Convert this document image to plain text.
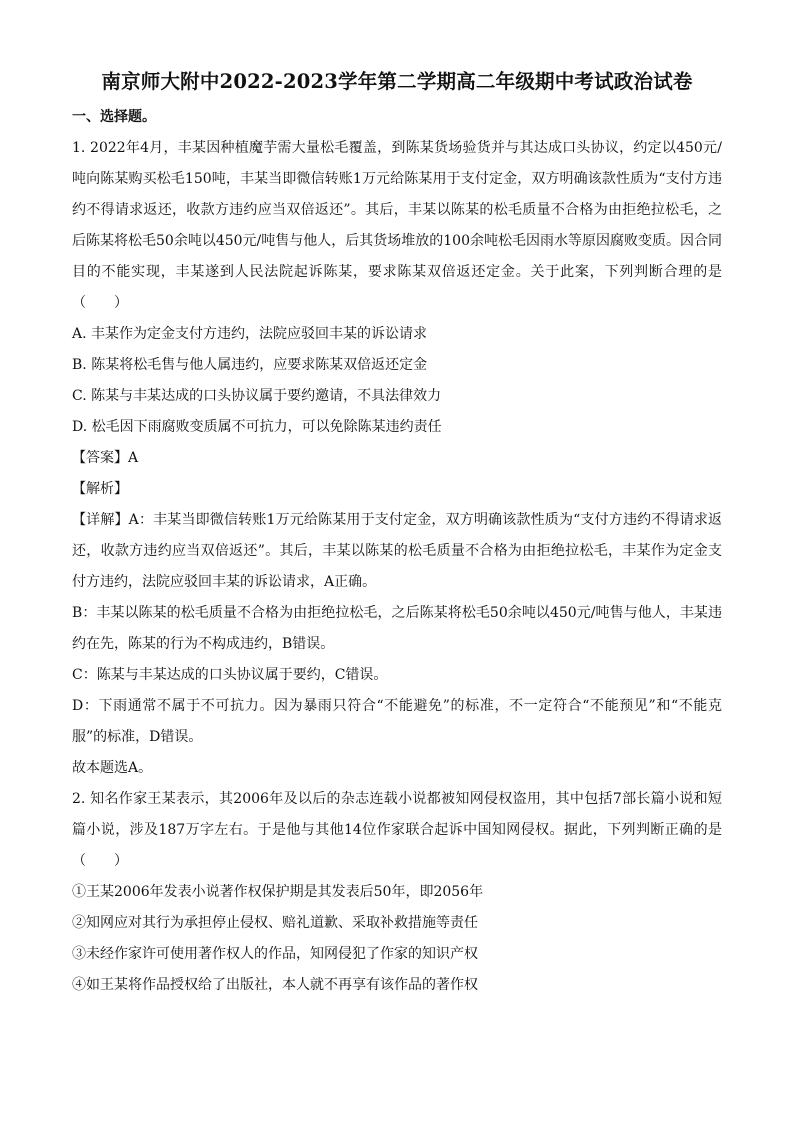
南京师大附中2022-2023学年第二学期高二年级期中考试政治试卷
一、选择题。

1. 2022年4月，丰某因种植魔芋需大量松毛覆盖，到陈某货场验货并与其达成口头协议，约定以450元/吨向陈某购买松毛150吨，丰某当即微信转账1万元给陈某用于支付定金，双方明确该款性质为“支付方违约不得请求返还，收款方违约应当双倍返还”。其后，丰某以陈某的松毛质量不合格为由拒绝拉松毛，之后陈某将松毛50余吨以450元/吨售与他人，后其货场堆放的100余吨松毛因雨水等原因腐败变质。因合同目的不能实现，丰某遂到人民法院起诉陈某，要求陈某双倍返还定金。关于此案，下列判断合理的是（　　）

A. 丰某作为定金支付方违约，法院应驳回丰某的诉讼请求

B. 陈某将松毛售与他人属违约，应要求陈某双倍返还定金

C. 陈某与丰某达成的口头协议属于要约邀请，不具法律效力

D. 松毛因下雨腐败变质属不可抗力，可以免除陈某违约责任

【答案】A

【解析】

【详解】A：丰某当即微信转账1万元给陈某用于支付定金，双方明确该款性质为“支付方违约不得请求返还，收款方违约应当双倍返还”。其后，丰某以陈某的松毛质量不合格为由拒绝拉松毛，丰某作为定金支付方违约，法院应驳回丰某的诉讼请求，A正确。

B：丰某以陈某的松毛质量不合格为由拒绝拉松毛，之后陈某将松毛50余吨以450元/吨售与他人，丰某违约在先，陈某的行为不构成违约，B错误。

C：陈某与丰某达成的口头协议属于要约，C错误。

D：下雨通常不属于不可抗力。因为暴雨只符合“不能避免”的标准，不一定符合“不能预见”和“不能克服”的标准，D错误。

故本题选A。

2. 知名作家王某表示，其2006年及以后的杂志连载小说都被知网侵权盗用，其中包括7部长篇小说和短篇小说，涉及187万字左右。于是他与其他14位作家联合起诉中国知网侵权。据此，下列判断正确的是（　　）

①王某2006年发表小说著作权保护期是其发表后50年，即2056年

②知网应对其行为承担停止侵权、赔礼道歉、采取补救措施等责任

③未经作家许可使用著作权人的作品，知网侵犯了作家的知识产权

④如王某将作品授权给了出版社，本人就不再享有该作品的著作权
